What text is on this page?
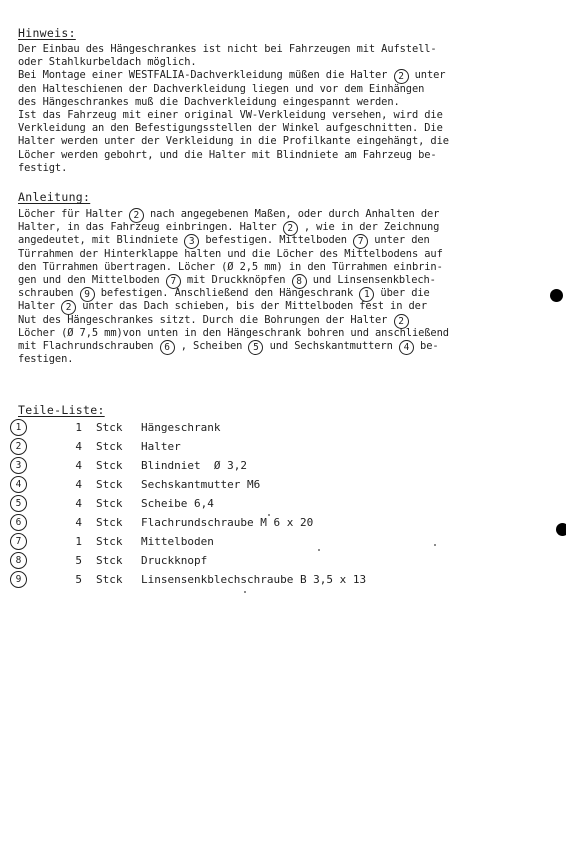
Hinweis:
Der Einbau des Hängeschrankes ist nicht bei Fahrzeugen mit Aufstell-
oder Stahlkurbeldach möglich.
Bei Montage einer WESTFALIA-Dachverkleidung müßen die Halter 2 unter
den Halteschienen der Dachverkleidung liegen und vor dem Einhängen
des Hängeschrankes muß die Dachverkleidung eingespannt werden.
Ist das Fahrzeug mit einer original VW-Verkleidung versehen, wird die
Verkleidung an den Befestigungsstellen der Winkel aufgeschnitten. Die
Halter werden unter der Verkleidung in die Profilkante eingehängt, die
Löcher werden gebohrt, und die Halter mit Blindniete am Fahrzeug be-
festigt.
Anleitung:
Löcher für Halter 2 nach angegebenen Maßen, oder durch Anhalten der
Halter, in das Fahrzeug einbringen. Halter 2 , wie in der Zeichnung
angedeutet, mit Blindniete 3 befestigen. Mittelboden 7 unter den
Türrahmen der Hinterklappe halten und die Löcher des Mittelbodens auf
den Türrahmen übertragen. Löcher (Ø 2,5 mm) in den Türrahmen einbrin-
gen und den Mittelboden 7 mit Druckknöpfen 8 und Linsensenkblech-
schrauben 9 befestigen. Anschließend den Hängeschrank 1 über die
Halter 2 unter das Dach schieben, bis der Mittelboden fest in der
Nut des Hängeschrankes sitzt. Durch die Bohrungen der Halter 2
Löcher (Ø 7,5 mm)von unten in den Hängeschrank bohren und anschließend
mit Flachrundschrauben 6 , Scheiben 5 und Sechskantmuttern 4 be-
festigen.
Teile-Liste:
1	1 Stck Hängeschrank
2	4 Stck Halter
3	4 Stck Blindniet  Ø 3,2
4	4 Stck Sechskantmutter M6
5	4 Stck Scheibe 6,4
6	4 Stck Flachrundschraube M 6 x 20
7	1 Stck Mittelboden
8	5 Stck Druckknopf
9	5 Stck Linsensenkblechschraube B 3,5 x 13
